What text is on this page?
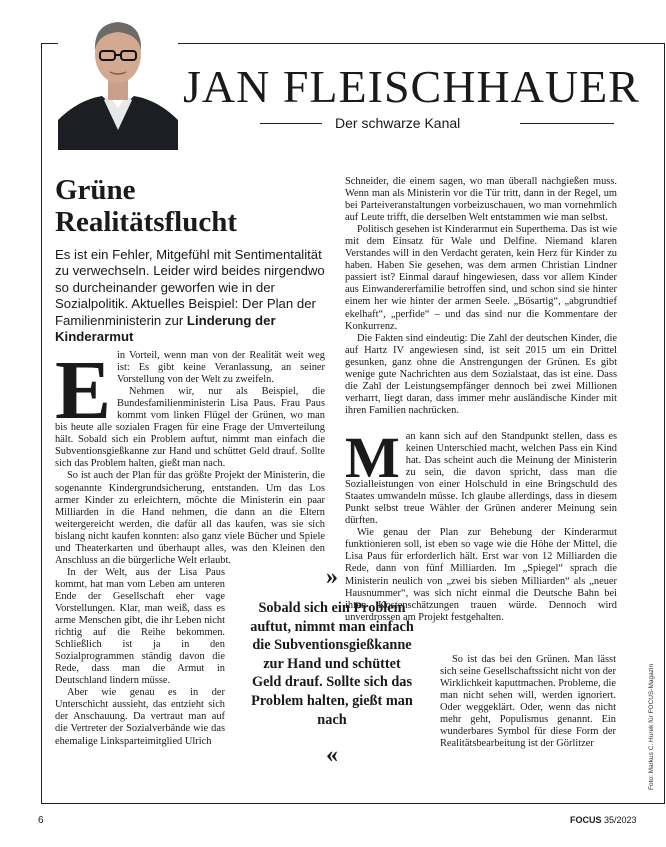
JAN FLEISCHHAUER
Der schwarze Kanal
Grüne
Realitätsflucht

Es ist ein Fehler, Mitgefühl mit Sentimentalität zu verwechseln. Leider wird beides nirgendwo so durcheinander geworfen wie in der Sozialpolitik. Aktuelles Beispiel: Der Plan der Familienministerin zur Linderung der Kinderarmut

E in Vorteil, wenn man von der Realität weit weg ist: Es gibt keine Veranlassung, an seiner Vorstellung von der Welt zu zweifeln.

Nehmen wir, nur als Beispiel, die Bundesfamilienministerin Lisa Paus. Frau Paus kommt vom linken Flügel der Grünen, wo man bis heute alle sozialen Fragen für eine Frage der Umverteilung hält. Sobald sich ein Problem auftut, nimmt man einfach die Subventionsgießkanne zur Hand und schüttet Geld drauf. Sollte sich das Problem halten, gießt man nach.

So ist auch der Plan für das größte Projekt der Ministerin, die sogenannte Kindergrundsicherung, entstanden. Um das Los armer Kinder zu erleichtern, möchte die Ministerin ein paar Milliarden in die Hand nehmen, die dann an die Eltern weitergereicht werden, die dafür all das kaufen, was sie sich bislang nicht kaufen konnten: also ganz viele Bücher und Spiele und Theaterkarten und überhaupt alles, was den Kleinen den Anschluss an die bürgerliche Welt erlaubt.

In der Welt, aus der Lisa Paus kommt, hat man vom Leben am unteren Ende der Gesellschaft eher vage Vorstellungen. Klar, man weiß, dass es arme Menschen gibt, die ihr Leben nicht richtig auf die Reihe bekommen. Schließlich ist ja in den Sozialprogrammen ständig davon die Rede, dass man die Armut in Deutschland lindern müsse.

Aber wie genau es in der Unterschicht aussieht, das entzieht sich der Anschauung. Da vertraut man auf die Vertreter der Sozialverbände wie das ehemalige Linksparteimitglied Ulrich

Schneider, die einem sagen, wo man überall nachgießen muss. Wenn man als Ministerin vor die Tür tritt, dann in der Regel, um bei Parteiveranstaltungen vorbeizuschauen, wo man vornehmlich auf Leute trifft, die derselben Welt entstammen wie man selbst.

Politisch gesehen ist Kinderarmut ein Superthema. Das ist wie mit dem Einsatz für Wale und Delfine. Niemand klaren Verstandes will in den Verdacht geraten, kein Herz für Kinder zu haben. Haben Sie gesehen, was dem armen Christian Lindner passiert ist? Einmal darauf hingewiesen, dass vor allem Kinder aus Einwandererfamilie betroffen sind, und schon sind sie hinter einem her wie hinter der armen Seele. „Bösartig“, „abgrundtief ekelhaft“, „perfide“ – und das sind nur die Kommentare der Konkurrenz.

Die Fakten sind eindeutig: Die Zahl der deutschen Kinder, die auf Hartz IV angewiesen sind, ist seit 2015 um ein Drittel gesunken, ganz ohne die Anstrengungen der Grünen. Es gibt wenige gute Nachrichten aus dem Sozialstaat, das ist eine. Dass die Zahl der Leistungsempfänger dennoch bei zwei Millionen verharrt, liegt daran, dass immer mehr ausländische Kinder mit ihren Familien nachrücken.

M an kann sich auf den Standpunkt stellen, dass es keinen Unterschied macht, welchen Pass ein Kind hat. Das scheint auch die Meinung der Ministerin zu sein, die davon spricht, dass man die Sozialleistungen von einer Holschuld in eine Bringschuld des Staates umwandeln müsse. Ich glaube allerdings, dass in diesem Punkt selbst treue Wähler der Grünen anderer Meinung sein dürften.

Wie genau der Plan zur Behebung der Kinderarmut funktionieren soll, ist eben so vage wie die Höhe der Mittel, die Lisa Paus für erforderlich hält. Erst war von 12 Milliarden die Rede, dann von fünf Milliarden. Im „Spiegel“ sprach die Ministerin neulich von „zwei bis sieben Milliarden“ als „neuer Hausnummer“, was sich nicht einmal die Deutsche Bahn bei ihren Kostenschätzungen trauen würde. Dennoch wird unverdrossen am Projekt festgehalten.

So ist das bei den Grünen. Man lässt sich seine Gesellschaftssicht nicht von der Wirklichkeit kaputtmachen. Probleme, die man nicht sehen will, werden ignoriert. Oder weggeklärt. Oder, wenn das nicht mehr geht, Populismus genannt. Ein wunderbares Symbol für diese Form der Realitätsbearbeitung ist der Görlitzer

»
Sobald sich ein Problem auftut, nimmt man einfach die Subventionsgießkanne zur Hand und schüttet Geld drauf. Sollte sich das Problem halten, gießt man nach
«	Foto: Markus C. Hurek für FOCUS-Magazin
6	FOCUS 35/2023
